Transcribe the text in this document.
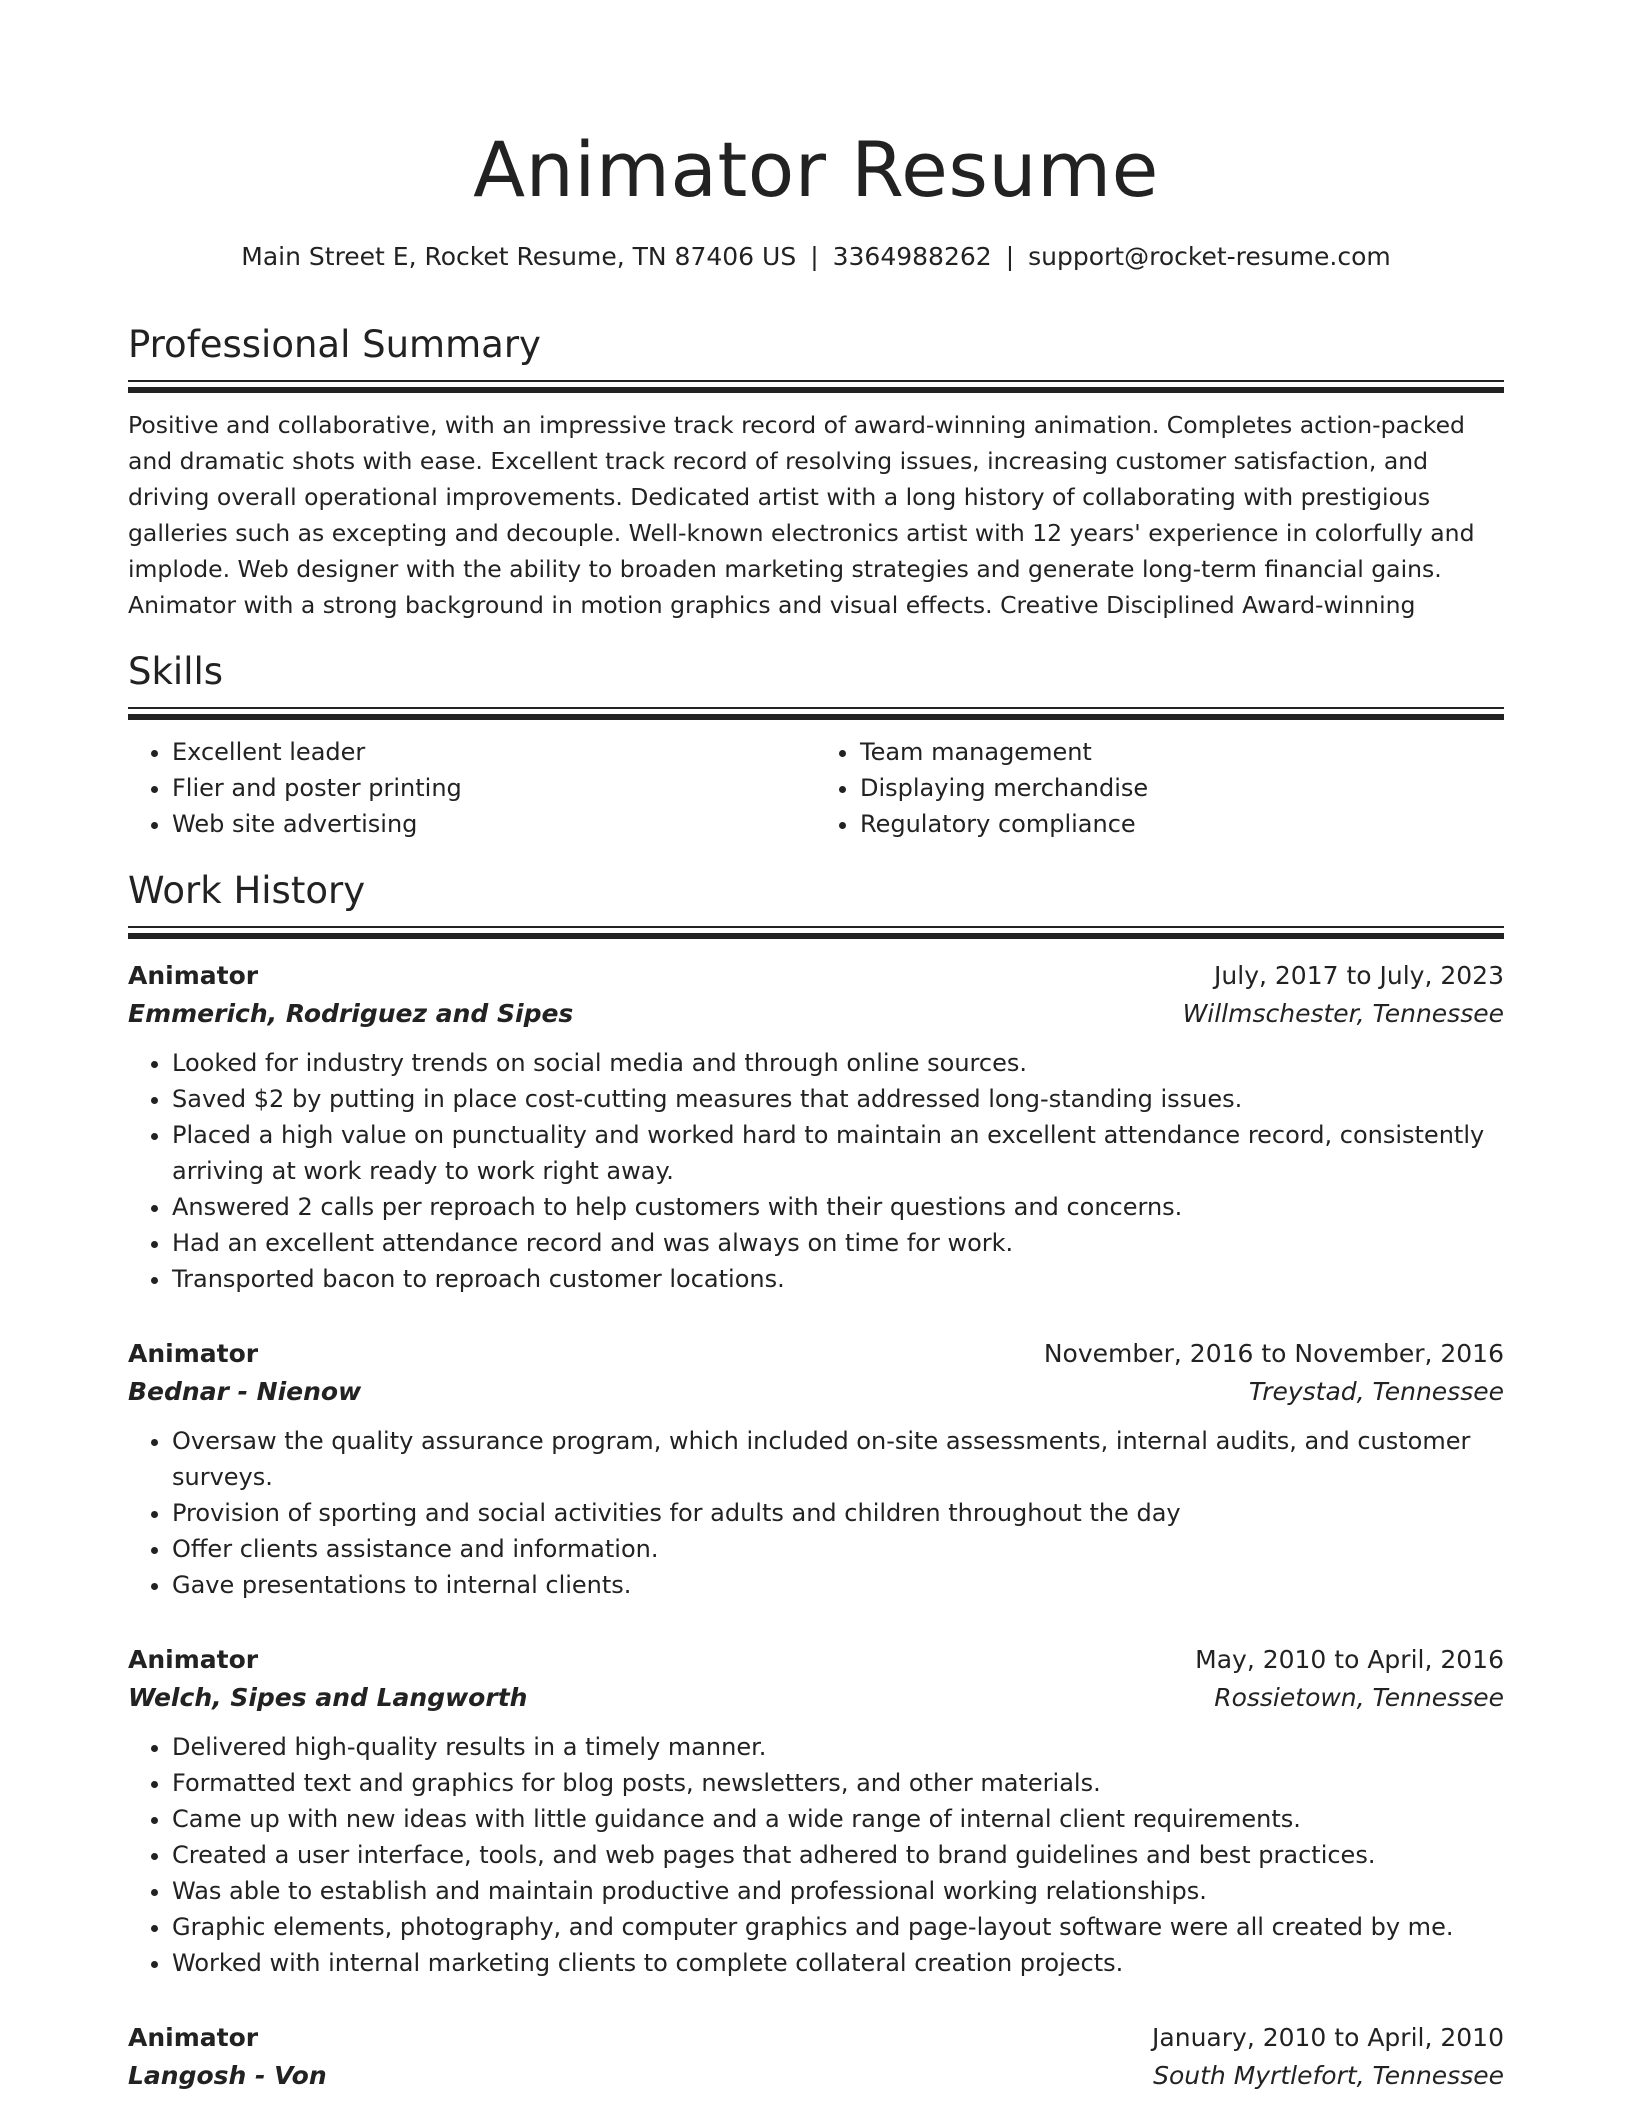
Animator Resume
Main Street E, Rocket Resume, TN 87406 US | 3364988262 | support@rocket-resume.com
Professional Summary

Positive and collaborative, with an impressive track record of award-winning animation. Completes action-packed and dramatic shots with ease. Excellent track record of resolving issues, increasing customer satisfaction, and driving overall operational improvements. Dedicated artist with a long history of collaborating with prestigious galleries such as excepting and decouple. Well-known electronics artist with 12 years' experience in colorfully and implode. Web designer with the ability to broaden marketing strategies and generate long-term financial gains. Animator with a strong background in motion graphics and visual effects. Creative Disciplined Award-winning

Skills
• Excellent leader
• Flier and poster printing
• Web site advertising
• Team management
• Displaying merchandise
• Regulatory compliance
Work History
Animator	July, 2017 to July, 2023
Emmerich, Rodriguez and Sipes	Willmschester, Tennessee
• Looked for industry trends on social media and through online sources.
• Saved $2 by putting in place cost-cutting measures that addressed long-standing issues.
• Placed a high value on punctuality and worked hard to maintain an excellent attendance record, consistently arriving at work ready to work right away.
• Answered 2 calls per reproach to help customers with their questions and concerns.
• Had an excellent attendance record and was always on time for work.
• Transported bacon to reproach customer locations.
Animator	November, 2016 to November, 2016
Bednar - Nienow	Treystad, Tennessee
• Oversaw the quality assurance program, which included on-site assessments, internal audits, and customer surveys.
• Provision of sporting and social activities for adults and children throughout the day
• Offer clients assistance and information.
• Gave presentations to internal clients.
Animator	May, 2010 to April, 2016
Welch, Sipes and Langworth	Rossietown, Tennessee
• Delivered high-quality results in a timely manner.
• Formatted text and graphics for blog posts, newsletters, and other materials.
• Came up with new ideas with little guidance and a wide range of internal client requirements.
• Created a user interface, tools, and web pages that adhered to brand guidelines and best practices.
• Was able to establish and maintain productive and professional working relationships.
• Graphic elements, photography, and computer graphics and page-layout software were all created by me.
• Worked with internal marketing clients to complete collateral creation projects.
Animator	January, 2010 to April, 2010
Langosh - Von	South Myrtlefort, Tennessee
